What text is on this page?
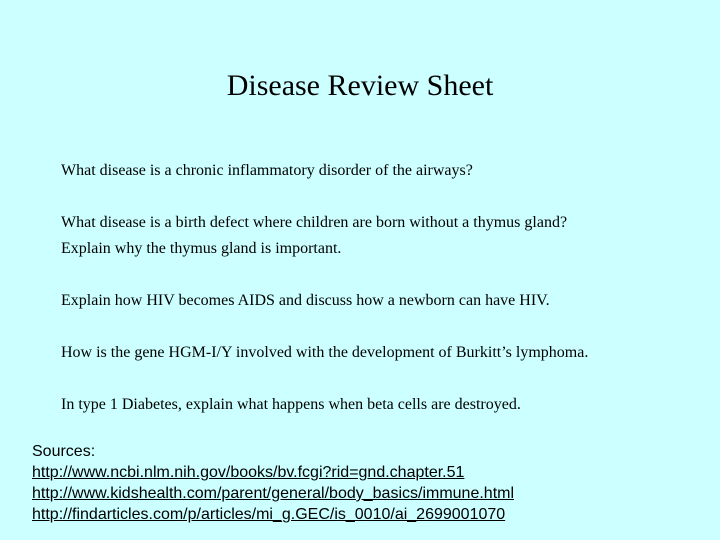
Disease Review Sheet
What disease is a chronic inflammatory disorder of the airways?
What disease is a birth defect where children are born without a thymus gland?
Explain why the thymus gland is important.
Explain how HIV becomes AIDS and discuss how a newborn can have HIV.
How is the gene HGM-I/Y involved with the development of Burkitt’s lymphoma.
In type 1 Diabetes, explain what happens when beta cells are destroyed.
Sources:
http://www.ncbi.nlm.nih.gov/books/bv.fcgi?rid=gnd.chapter.51
http://www.kidshealth.com/parent/general/body_basics/immune.html
http://findarticles.com/p/articles/mi_g.GEC/is_0010/ai_2699001070
